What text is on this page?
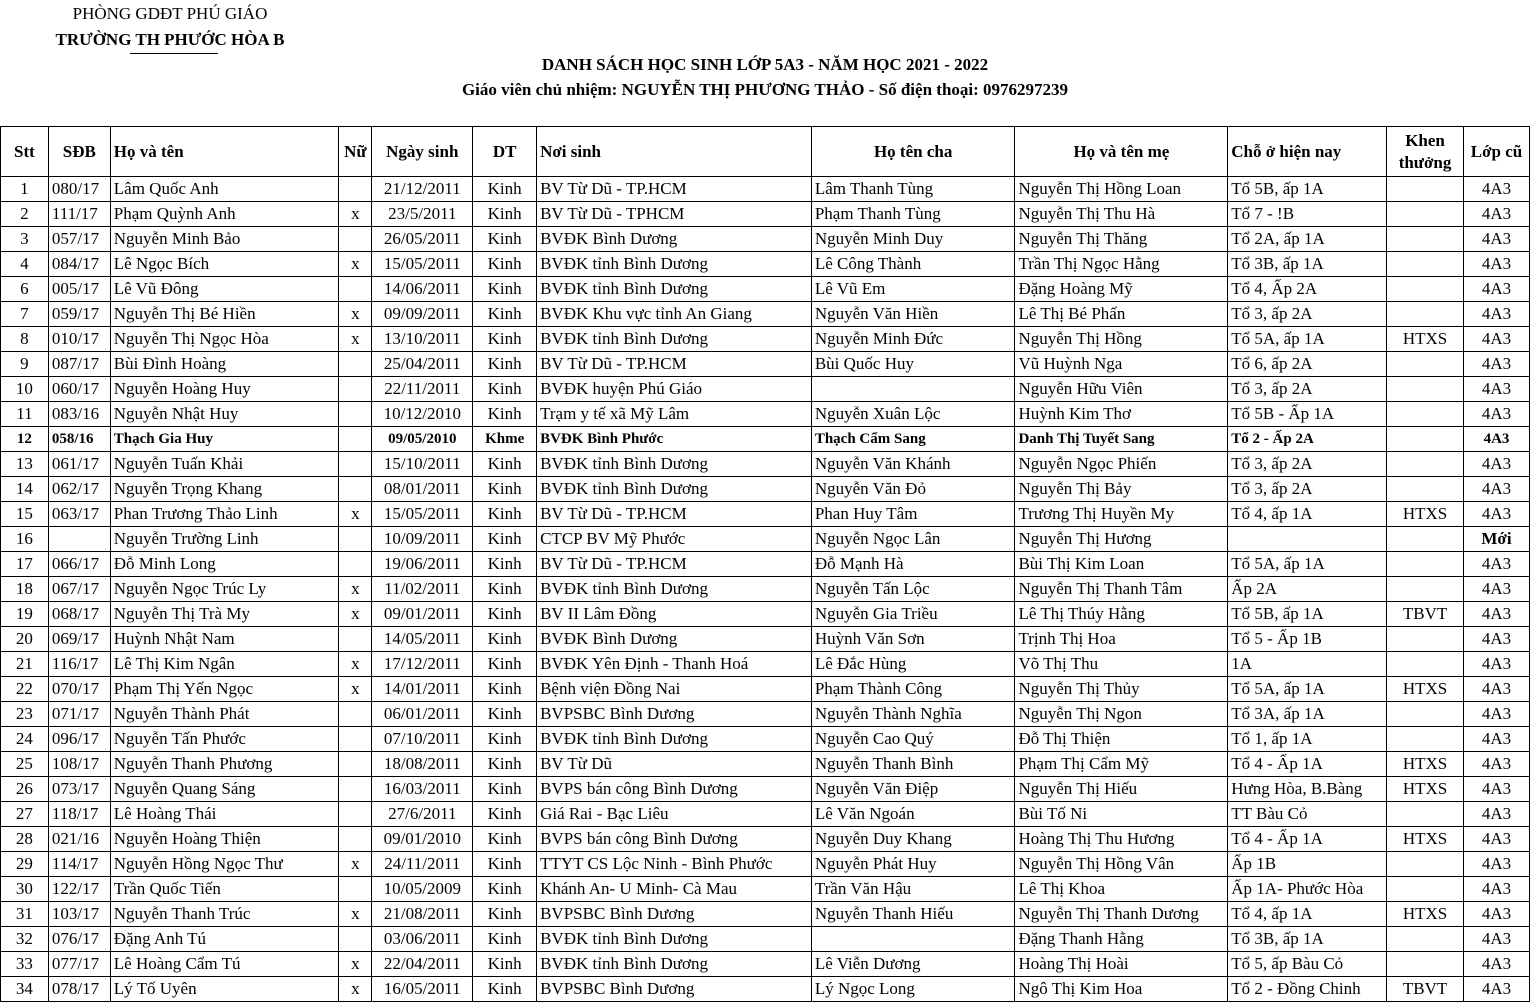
PHÒNG GDĐT PHÚ GIÁO
TRƯỜNG TH PHƯỚC HÒA B
DANH SÁCH HỌC SINH LỚP 5A3 - NĂM HỌC 2021 - 2022
Giáo viên chủ nhiệm: NGUYỄN THỊ PHƯƠNG THẢO - Số điện thoại: 0976297239
Stt	SĐB	Họ và tên	Nữ	Ngày sinh	DT	Nơi sinh	Họ tên cha	Họ và tên mẹ	Chỗ ở hiện nay	Khen thưởng	Lớp cũ
1	080/17	Lâm Quốc Anh		21/12/2011	Kinh	BV Từ Dũ - TP.HCM	Lâm Thanh Tùng	Nguyễn Thị Hồng Loan	Tổ 5B, ấp 1A		4A3
2	111/17	Phạm Quỳnh Anh	x	23/5/2011	Kinh	BV Từ Dũ - TPHCM	Phạm Thanh Tùng	Nguyễn Thị Thu Hà	Tổ 7 - !B		4A3
3	057/17	Nguyễn Minh Bảo		26/05/2011	Kinh	BVĐK Bình Dương	Nguyễn Minh Duy	Nguyễn Thị Thăng	Tổ 2A, ấp 1A		4A3
4	084/17	Lê Ngọc Bích	x	15/05/2011	Kinh	BVĐK tỉnh Bình Dương	Lê Công Thành	Trần Thị Ngọc Hằng	Tổ 3B, ấp 1A		4A3
6	005/17	Lê Vũ Đông		14/06/2011	Kinh	BVĐK tỉnh Bình Dương	Lê Vũ Em	Đặng Hoàng Mỹ	Tổ 4, Ấp 2A		4A3
7	059/17	Nguyễn Thị Bé Hiền	x	09/09/2011	Kinh	BVĐK Khu vực tỉnh An Giang	Nguyễn Văn Hiền	Lê Thị Bé Phấn	Tổ 3, ấp 2A		4A3
8	010/17	Nguyễn Thị Ngọc Hòa	x	13/10/2011	Kinh	BVĐK tỉnh Bình Dương	Nguyễn Minh Đức	Nguyễn Thị Hồng	Tổ 5A, ấp 1A	HTXS	4A3
9	087/17	Bùi Đình Hoàng		25/04/2011	Kinh	BV Từ Dũ - TP.HCM	Bùi Quốc Huy	Vũ Huỳnh Nga	Tổ 6, ấp 2A		4A3
10	060/17	Nguyễn Hoàng Huy		22/11/2011	Kinh	BVĐK huyện Phú Giáo		Nguyễn Hữu Viên	Tổ 3, ấp 2A		4A3
11	083/16	Nguyễn Nhật Huy		10/12/2010	Kinh	Trạm y tế xã Mỹ Lâm	Nguyễn Xuân Lộc	Huỳnh Kim Thơ	Tổ 5B - Ấp 1A		4A3
12	058/16	Thạch Gia Huy		09/05/2010	Khme	BVĐK Bình Phước	Thạch Cẩm Sang	Danh Thị Tuyết Sang	Tổ 2 - Ấp 2A		4A3
13	061/17	Nguyễn Tuấn Khải		15/10/2011	Kinh	BVĐK tỉnh Bình Dương	Nguyễn Văn Khánh	Nguyễn Ngọc Phiến	Tổ 3, ấp 2A		4A3
14	062/17	Nguyễn Trọng Khang		08/01/2011	Kinh	BVĐK tỉnh Bình Dương	Nguyễn Văn Đỏ	Nguyễn Thị Bảy	Tổ 3, ấp 2A		4A3
15	063/17	Phan Trương Thảo Linh	x	15/05/2011	Kinh	BV Từ Dũ - TP.HCM	Phan Huy Tâm	Trương Thị Huyền My	Tổ 4, ấp 1A	HTXS	4A3
16		Nguyễn Trường Linh		10/09/2011	Kinh	CTCP BV Mỹ Phước	Nguyễn Ngọc Lân	Nguyễn Thị Hương			Mới
17	066/17	Đỗ Minh Long		19/06/2011	Kinh	BV Từ Dũ - TP.HCM	Đỗ Mạnh Hà	Bùi Thị Kim Loan	Tổ 5A, ấp 1A		4A3
18	067/17	Nguyễn Ngọc Trúc Ly	x	11/02/2011	Kinh	BVĐK tỉnh Bình Dương	Nguyễn Tấn Lộc	Nguyễn Thị Thanh Tâm	Ấp 2A		4A3
19	068/17	Nguyễn Thị Trà My	x	09/01/2011	Kinh	BV II Lâm Đồng	Nguyễn Gia Triều	Lê Thị Thúy Hằng	Tổ 5B, ấp 1A	TBVT	4A3
20	069/17	Huỳnh Nhật Nam		14/05/2011	Kinh	BVĐK Bình Dương	Huỳnh Văn Sơn	Trịnh Thị Hoa	Tổ 5 - Ấp 1B		4A3
21	116/17	Lê Thị Kim Ngân	x	17/12/2011	Kinh	BVĐK Yên Định - Thanh Hoá	Lê Đắc Hùng	Võ Thị Thu	1A		4A3
22	070/17	Phạm Thị Yến Ngọc	x	14/01/2011	Kinh	Bệnh viện Đồng Nai	Phạm Thành Công	Nguyễn Thị Thủy	Tổ 5A, ấp 1A	HTXS	4A3
23	071/17	Nguyễn Thành Phát		06/01/2011	Kinh	BVPSBC Bình Dương	Nguyễn Thành Nghĩa	Nguyễn Thị Ngon	Tổ 3A, ấp 1A		4A3
24	096/17	Nguyễn Tấn Phước		07/10/2011	Kinh	BVĐK tỉnh Bình Dương	Nguyễn Cao Quý	Đỗ Thị Thiện	Tổ 1, ấp 1A		4A3
25	108/17	Nguyễn Thanh Phương		18/08/2011	Kinh	BV Từ Dũ	Nguyễn Thanh Bình	Phạm Thị Cẩm Mỹ	Tổ 4 - Ấp 1A	HTXS	4A3
26	073/17	Nguyễn Quang Sáng		16/03/2011	Kinh	BVPS bán công Bình Dương	Nguyễn Văn Điệp	Nguyễn Thị Hiếu	Hưng Hòa, B.Bàng	HTXS	4A3
27	118/17	Lê Hoàng Thái		27/6/2011	Kinh	Giá Rai - Bạc Liêu	Lê Văn Ngoán	Bùi Tố Ni	TT Bàu Cỏ		4A3
28	021/16	Nguyễn Hoàng Thiện		09/01/2010	Kinh	BVPS bán công Bình Dương	Nguyễn Duy Khang	Hoàng Thị Thu Hương	Tổ 4 - Ấp 1A	HTXS	4A3
29	114/17	Nguyễn Hồng Ngọc Thư	x	24/11/2011	Kinh	TTYT CS Lộc Ninh - Bình Phước	Nguyễn Phát Huy	Nguyễn Thị Hồng Vân	Ấp 1B		4A3
30	122/17	Trần Quốc Tiến		10/05/2009	Kinh	Khánh An- U Minh- Cà Mau	Trần Văn Hậu	Lê Thị Khoa	Ấp 1A- Phước Hòa		4A3
31	103/17	Nguyễn Thanh Trúc	x	21/08/2011	Kinh	BVPSBC Bình Dương	Nguyễn Thanh Hiếu	Nguyễn Thị Thanh Dương	Tổ 4, ấp 1A	HTXS	4A3
32	076/17	Đặng Anh Tú		03/06/2011	Kinh	BVĐK tỉnh Bình Dương		Đặng Thanh Hằng	Tổ 3B, ấp 1A		4A3
33	077/17	Lê Hoàng Cẩm Tú	x	22/04/2011	Kinh	BVĐK tỉnh Bình Dương	Lê Viễn Dương	Hoàng Thị Hoài	Tổ 5, ấp Bàu Cỏ		4A3
34	078/17	Lý Tố Uyên	x	16/05/2011	Kinh	BVPSBC Bình Dương	Lý Ngọc Long	Ngô Thị Kim Hoa	Tổ 2 - Đồng Chinh	TBVT	4A3
